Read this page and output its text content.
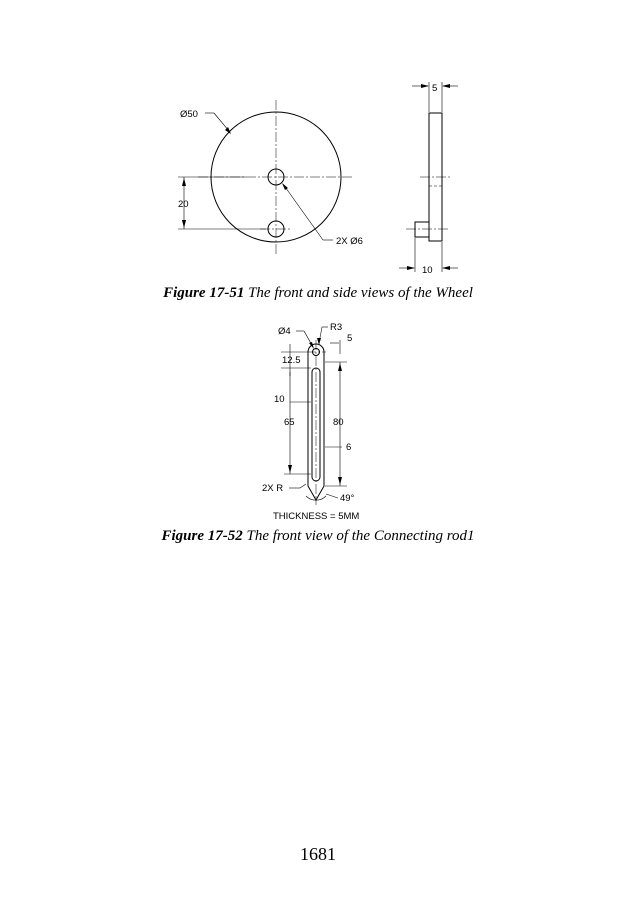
Ø50
20
2X Ø6
5
10
Ø4	R3
5
12.5
10
65	80
6
2X R
49°
THICKNESS = 5MM
Figure 17-51 The front and side views of the Wheel
Figure 17-52 The front view of the Connecting rod1
1681
